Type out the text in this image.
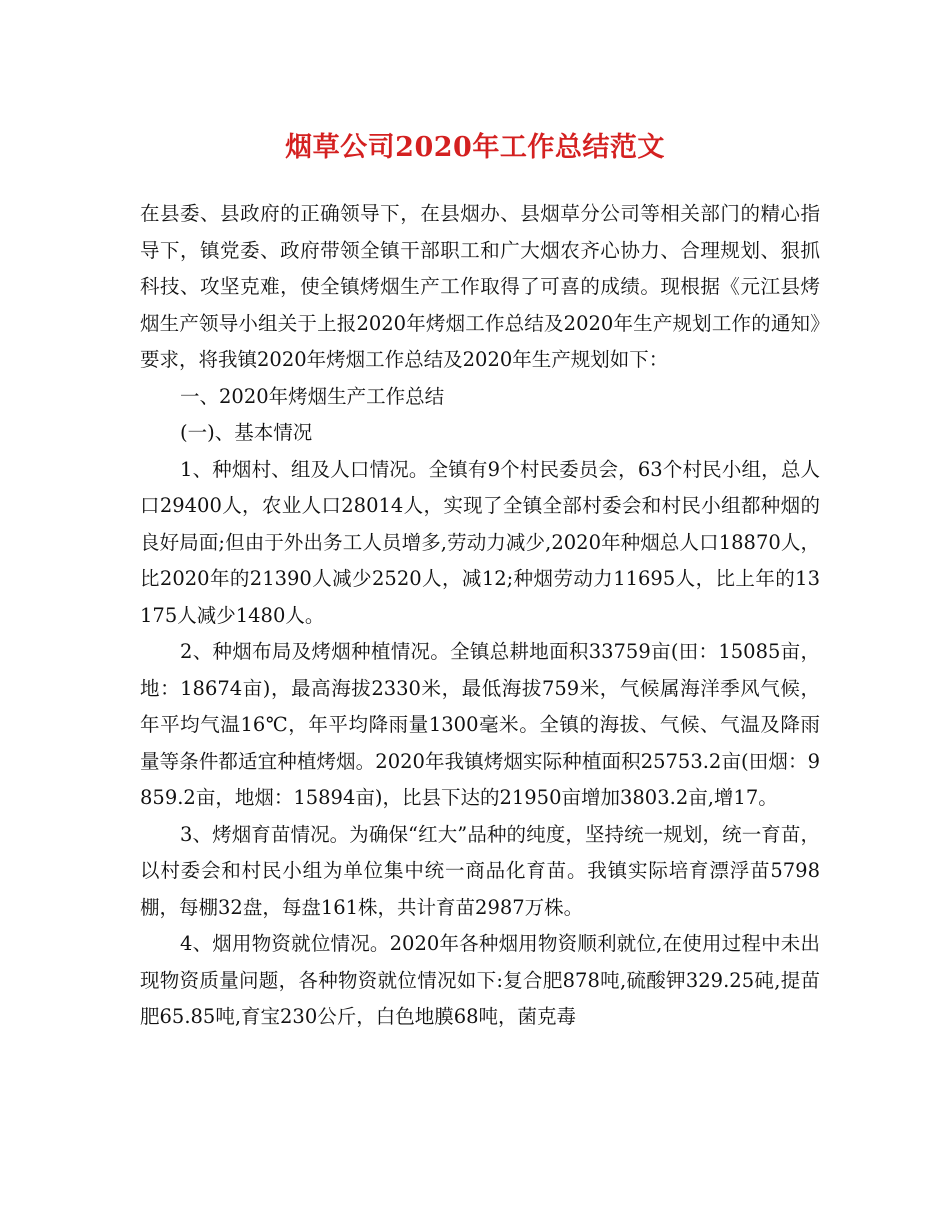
烟草公司2020年工作总结范文

在县委、县政府的正确领导下，在县烟办、县烟草分公司等相关部门的精心指导下，镇党委、政府带领全镇干部职工和广大烟农齐心协力、合理规划、狠抓科技、攻坚克难，使全镇烤烟生产工作取得了可喜的成绩。现根据《元江县烤烟生产领导小组关于上报2020年烤烟工作总结及2020年生产规划工作的通知》要求，将我镇2020年烤烟工作总结及2020年生产规划如下：

一、2020年烤烟生产工作总结

(一)、基本情况

1、种烟村、组及人口情况。全镇有9个村民委员会，63个村民小组，总人口29400人，农业人口28014人，实现了全镇全部村委会和村民小组都种烟的良好局面;但由于外出务工人员增多,劳动力减少,2020年种烟总人口18870人，比2020年的21390人减少2520人，减12;种烟劳动力11695人，比上年的13175人减少1480人。

2、种烟布局及烤烟种植情况。全镇总耕地面积33759亩(田：15085亩，地：18674亩)，最高海拔2330米，最低海拔759米，气候属海洋季风气候，年平均气温16℃，年平均降雨量1300毫米。全镇的海拔、气候、气温及降雨量等条件都适宜种植烤烟。2020年我镇烤烟实际种植面积25753.2亩(田烟：9859.2亩，地烟：15894亩)，比县下达的21950亩增加3803.2亩,增17。

3、烤烟育苗情况。为确保“红大”品种的纯度，坚持统一规划，统一育苗，以村委会和村民小组为单位集中统一商品化育苗。我镇实际培育漂浮苗5798棚，每棚32盘，每盘161株，共计育苗2987万株。

4、烟用物资就位情况。2020年各种烟用物资顺利就位,在使用过程中未出现物资质量问题，各种物资就位情况如下:复合肥878吨,硫酸钾329.25砘,提苗肥65.85吨,育宝230公斤，白色地膜68吨，菌克毒
